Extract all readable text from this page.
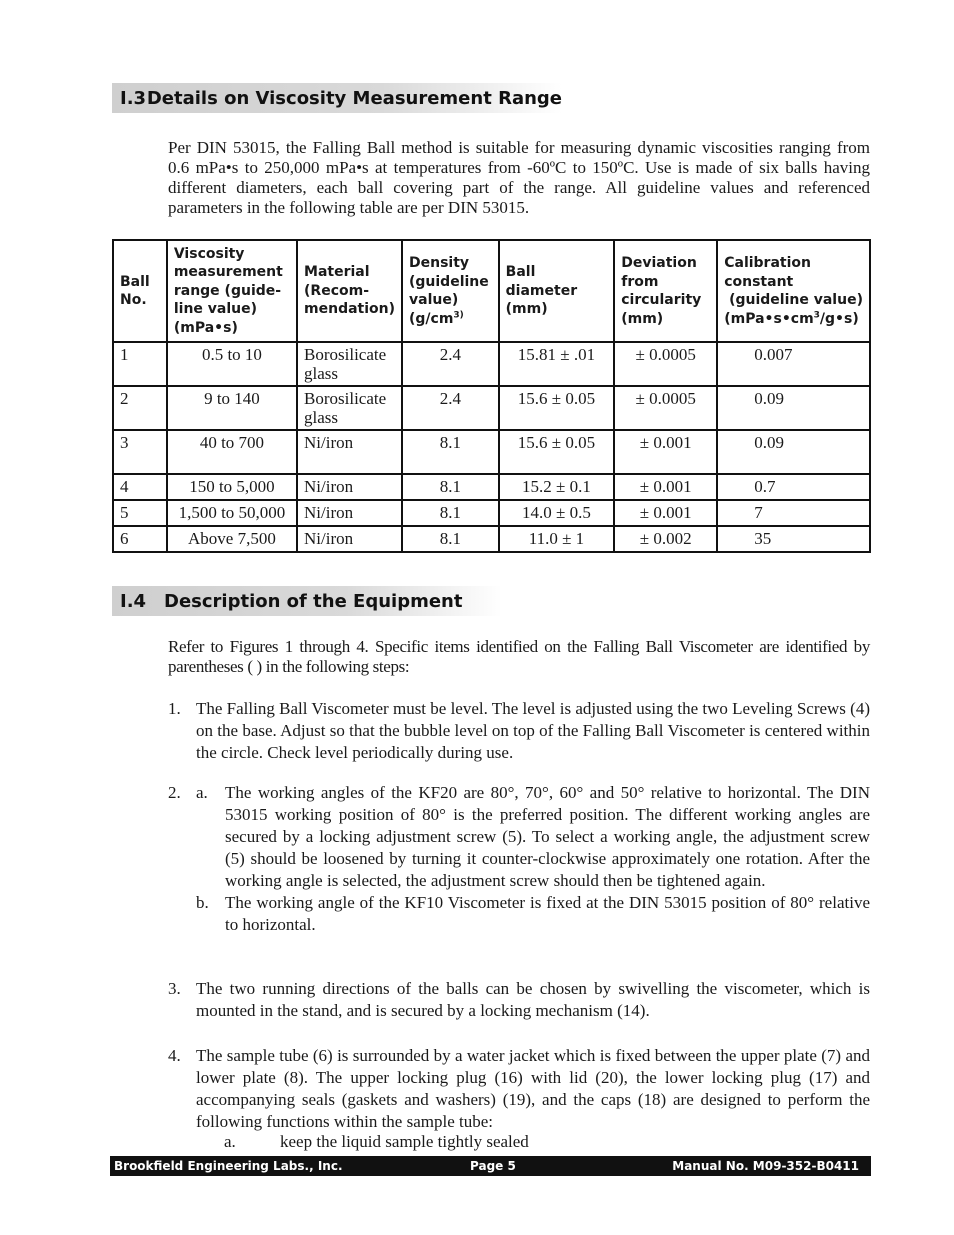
I.3 Details on Viscosity Measurement Range

Per DIN 53015, the Falling Ball method is suitable for measuring dynamic viscosities ranging from 0.6 mPa•s to 250,000 mPa•s at temperatures from -60ºC to 150ºC. Use is made of six balls having different diameters, each ball covering part of the range. All guideline values and referenced parameters in the following table are per DIN 53015.

Ball No.	Viscosity measurement range (guide-line value) (mPa•s)	Material (Recom-mendation)	Density (guideline value) ($g/cm^{3)}$	Ball diameter (mm)	Deviation from circularity (mm)	Calibration constant
(guideline value)
$(mPa•s•cm^3/g•s)$
1	0.5 to 10	Borosilicate glass	2.4	15.81 ± .01	± 0.0005	0.007
2	9 to 140	Borosilicate glass	2.4	15.6 ± 0.05	± 0.0005	0.09
3	40 to 700	Ni/iron	8.1	15.6 ± 0.05	± 0.001	0.09
4	150 to 5,000	Ni/iron	8.1	15.2 ± 0.1	± 0.001	0.7
5	1,500 to 50,000	Ni/iron	8.1	14.0 ± 0.5	± 0.001	7
6	Above 7,500	Ni/iron	8.1	11.0 ± 1	± 0.002	35
I.4 Description of the Equipment

Refer to Figures 1 through 4. Specific items identified on the Falling Ball Viscometer are identified by parentheses ( ) in the following steps:

1. The Falling Ball Viscometer must be level. The level is adjusted using the two Leveling Screws (4) on the base. Adjust so that the bubble level on top of the Falling Ball Viscometer is centered within the circle. Check level periodically during use.

2. a. The working angles of the KF20 are 80°, 70°, 60° and 50° relative to horizontal. The DIN 53015 working position of 80° is the preferred position. The different working angles are secured by a locking adjustment screw (5). To select a working angle, the adjustment screw (5) should be loosened by turning it counter-clockwise approximately one rotation. After the working angle is selected, the adjustment screw should then be tightened again.

b. The working angle of the KF10 Viscometer is fixed at the DIN 53015 position of 80° relative to horizontal.

3. The two running directions of the balls can be chosen by swivelling the viscometer, which is mounted in the stand, and is secured by a locking mechanism (14).

4. The sample tube (6) is surrounded by a water jacket which is fixed between the upper plate (7) and lower plate (8). The upper locking plug (16) with lid (20), the lower locking plug (17) and accompanying seals (gaskets and washers) (19), and the caps (18) are designed to perform the following functions within the sample tube:

a.	keep the liquid sample tightly sealed
Brookfield Engineering Labs., Inc.	Page 5	Manual No. M09-352-B0411
